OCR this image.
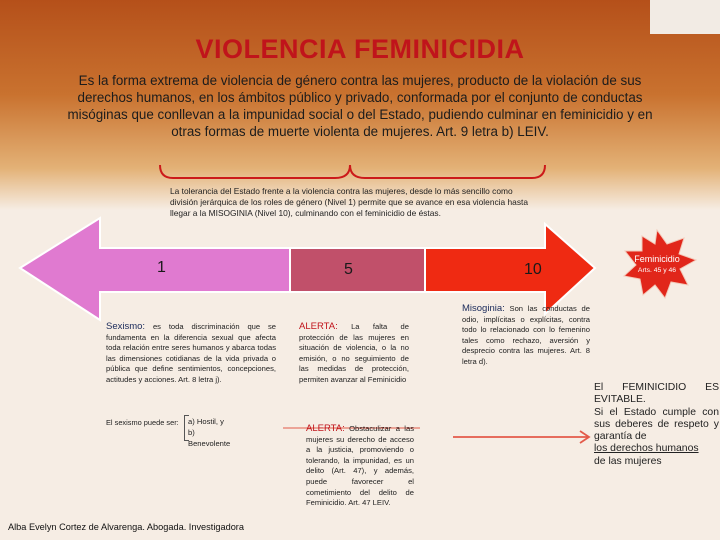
VIOLENCIA FEMINICIDIA
Es la forma extrema de violencia de género contra las mujeres, producto de la violación de sus derechos humanos, en los ámbitos público y privado, conformada por el conjunto de conductas misóginas que conllevan a la impunidad social o del Estado, pudiendo culminar en feminicidio y en otras formas de muerte violenta de mujeres. Art. 9 letra b) LEIV.
La tolerancia del Estado frente a la violencia contra las mujeres, desde lo más sencillo como división jerárquica de los roles de género (Nivel 1) permite que se avance en esa violencia hasta llegar a la MISOGINIA (Nivel 10), culminando con el feminicidio de éstas.
1	5	10
Feminicidio
Arts. 45 y 46
Sexismo: es toda discriminación que se fundamenta en la diferencia sexual que afecta toda relación entre seres humanos y abarca todas las dimensiones cotidianas de la vida privada o pública que define sentimientos, concepciones, actitudes y acciones. Art. 8 letra j).
El sexismo puede ser: a) Hostil, y
b) Benevolente
ALERTA: La falta de protección de las mujeres en situación de violencia, o la no emisión, o no seguimiento de las medidas de protección, permiten avanzar al Feminicidio
ALERTA: Obstaculizar a las mujeres su derecho de acceso a la justicia, promoviendo o tolerando, la impunidad, es un delito (Art. 47), y además, puede favorecer el cometimiento del delito de Feminicidio. Art. 47 LEIV.
Misoginia: Son las conductas de odio, implícitas o explícitas, contra todo lo relacionado con lo femenino tales como rechazo, aversión y desprecio contra las mujeres. Art. 8 letra d).
El FEMINICIDIO ES EVITABLE.
Si el Estado cumple con sus deberes de respeto y garantía de
los derechos humanos
de las mujeres
Alba Evelyn Cortez de Alvarenga. Abogada. Investigadora
